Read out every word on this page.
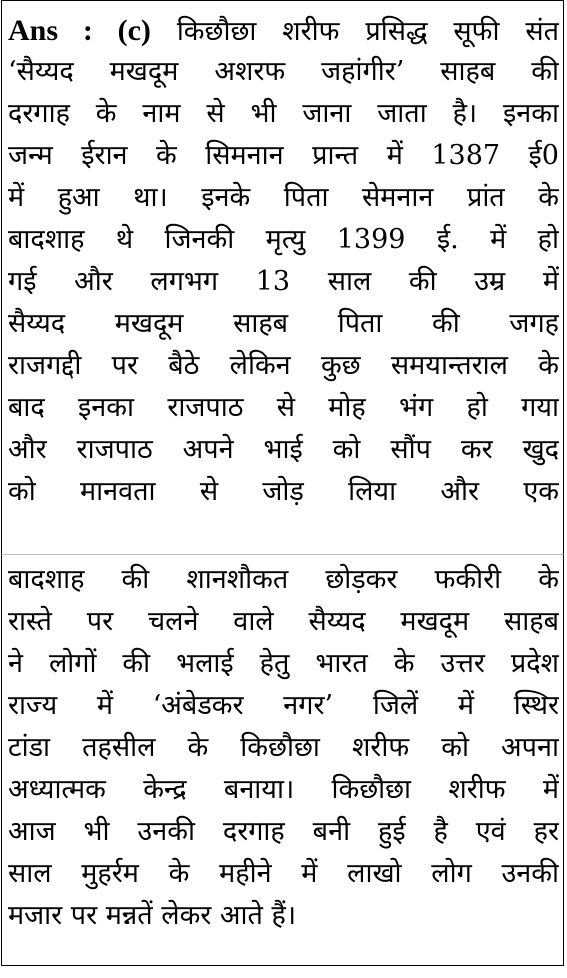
Ans : (c) किछौछा शरीफ प्रसिद्ध सूफी संत
‘सैय्यद मखदूम अशरफ जहांगीर’ साहब की
दरगाह के नाम से भी जाना जाता है। इनका
जन्म ईरान के सिमनान प्रान्त में 1387 ई0
में हुआ था। इनके पिता सेमनान प्रांत के
बादशाह थे जिनकी मृत्यु 1399 ई. में हो
गई और लगभग 13 साल की उम्र में
सैय्यद मखदूम साहब पिता की जगह
राजगद्दी पर बैठे लेकिन कुछ समयान्तराल के
बाद इनका राजपाठ से मोह भंग हो गया
और राजपाठ अपने भाई को सौंप कर खुद
को मानवता से जोड़ लिया और एक
बादशाह की शानशौकत छोड़कर फकीरी के
रास्ते पर चलने वाले सैय्यद मखदूम साहब
ने लोगों की भलाई हेतु भारत के उत्तर प्रदेश
राज्य में ‘अंबेडकर नगर’ जिलें में स्थिर
टांडा तहसील के किछौछा शरीफ को अपना
अध्यात्मक केन्द्र बनाया। किछौछा शरीफ में
आज भी उनकी दरगाह बनी हुई है एवं हर
साल मुहर्रम के महीने में लाखो लोग उनकी
मजार पर मन्नतें लेकर आते हैं।
